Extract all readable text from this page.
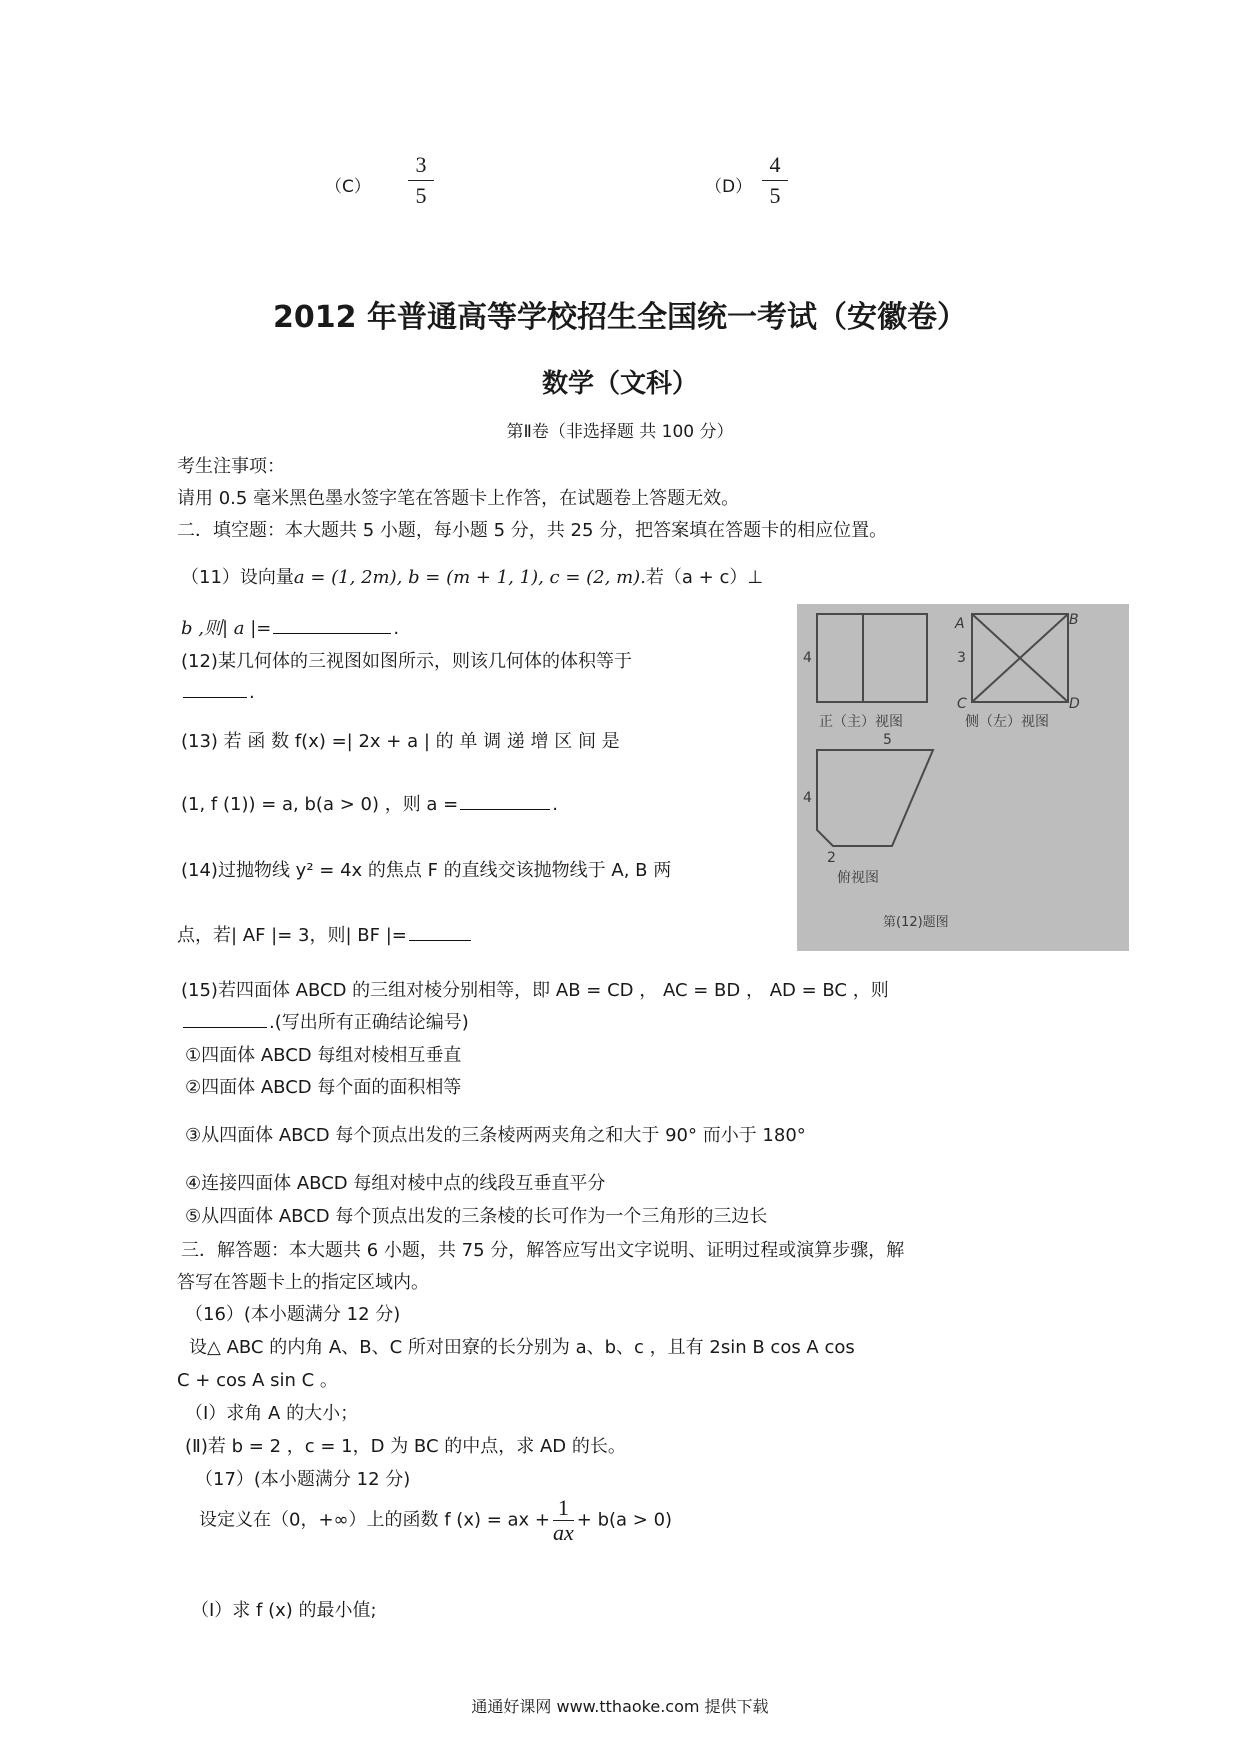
$(C) \frac{3}{5}$	$(D) \frac{4}{5}$
2012 年普通高等学校招生全国统一考试（安徽卷）
数学（文科）
第Ⅱ卷（非选择题 共 100 分）
考生注事项：
请用 0.5 毫米黑色墨水签字笔在答题卡上作答，在试题卷上答题无效。
二．填空题：本大题共 5 小题，每小题 5 分，共 25 分，把答案填在答题卡的相应位置。
（11）设向量a = (1, 2m), b = (m + 1, 1), c = (2, m).若（a + c）⊥
b ,则| a |=	.
(12)某几何体的三视图如图所示，则该几何体的体积等于
.
(13) 若 函 数 f(x) =| 2x + a | 的 单 调 递 增 区 间 是
(1, f (1)) = a, b(a > 0) ，则 a =	.
(14)过抛物线 y² = 4x 的焦点 F 的直线交该抛物线于 A, B 两
点，若| AF |= 3，则| BF |=
4	3
A	B
C	D
正（主）视图	侧（左）视图
5
4
2
俯视图
第(12)题图
(15)若四面体 ABCD 的三组对棱分别相等，即 AB = CD ， AC = BD ， AD = BC ，则
.(写出所有正确结论编号)
①四面体 ABCD 每组对棱相互垂直
②四面体 ABCD 每个面的面积相等
③从四面体 ABCD 每个顶点出发的三条棱两两夹角之和大于 90° 而小于 180°
④连接四面体 ABCD 每组对棱中点的线段互垂直平分
⑤从四面体 ABCD 每个顶点出发的三条棱的长可作为一个三角形的三边长
三．解答题：本大题共 6 小题，共 75 分，解答应写出文字说明、证明过程或演算步骤，解
答写在答题卡上的指定区域内。
（16）(本小题满分 12 分)
设△ ABC 的内角 A、B、C 所对田寮的长分别为 a、b、c ，且有 2sin B cos A cos
C + cos A sin C 。
（Ⅰ）求角 A 的大小；
(Ⅱ)若 b = 2 ，c = 1，D 为 BC 的中点，求 AD 的长。
（17）(本小题满分 12 分)
设定义在（0，+∞）上的函数 f (x) = ax + $\frac{1}{ax} + b(a > 0)$
（Ⅰ）求 f (x) 的最小值;
通通好课网 www.tthaoke.com 提供下载
